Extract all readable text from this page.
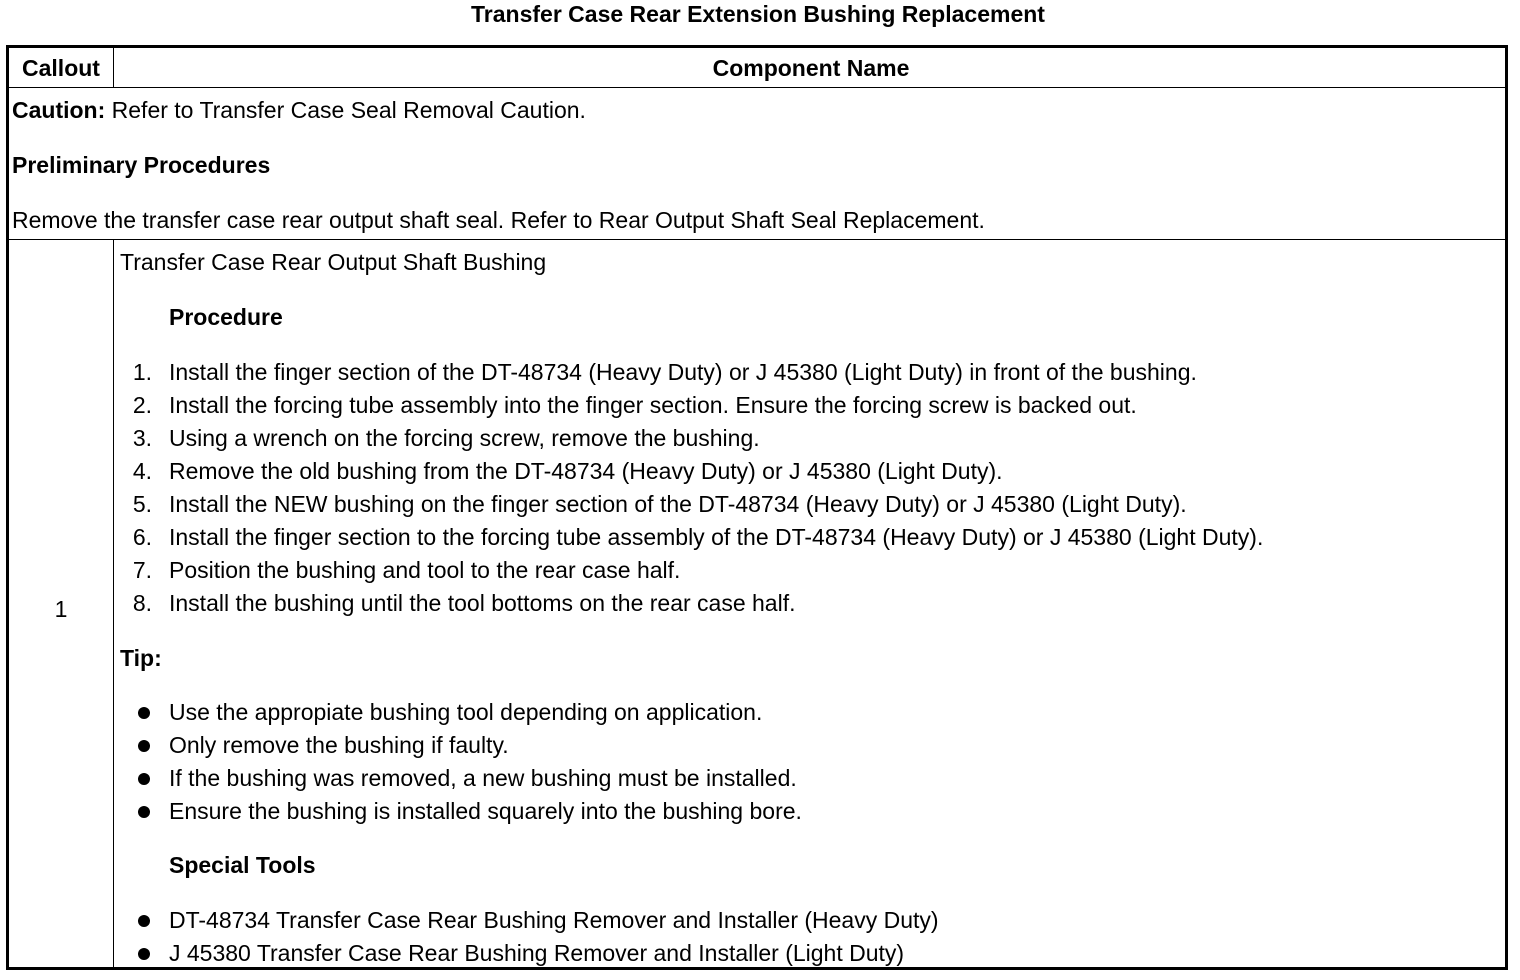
Transfer Case Rear Extension Bushing Replacement
Callout	Component Name
Caution: Refer to Transfer Case Seal Removal Caution.
Preliminary Procedures
Remove the transfer case rear output shaft seal. Refer to Rear Output Shaft Seal Replacement.
1
Transfer Case Rear Output Shaft Bushing
Procedure
1. Install the finger section of the DT-48734 (Heavy Duty) or J 45380 (Light Duty) in front of the bushing.
2. Install the forcing tube assembly into the finger section. Ensure the forcing screw is backed out.
3. Using a wrench on the forcing screw, remove the bushing.
4. Remove the old bushing from the DT-48734 (Heavy Duty) or J 45380 (Light Duty).
5. Install the NEW bushing on the finger section of the DT-48734 (Heavy Duty) or J 45380 (Light Duty).
6. Install the finger section to the forcing tube assembly of the DT-48734 (Heavy Duty) or J 45380 (Light Duty).
7. Position the bushing and tool to the rear case half.
8. Install the bushing until the tool bottoms on the rear case half.
Tip:
Use the appropiate bushing tool depending on application.
Only remove the bushing if faulty.
If the bushing was removed, a new bushing must be installed.
Ensure the bushing is installed squarely into the bushing bore.
Special Tools
DT-48734 Transfer Case Rear Bushing Remover and Installer (Heavy Duty)
J 45380 Transfer Case Rear Bushing Remover and Installer (Light Duty)
